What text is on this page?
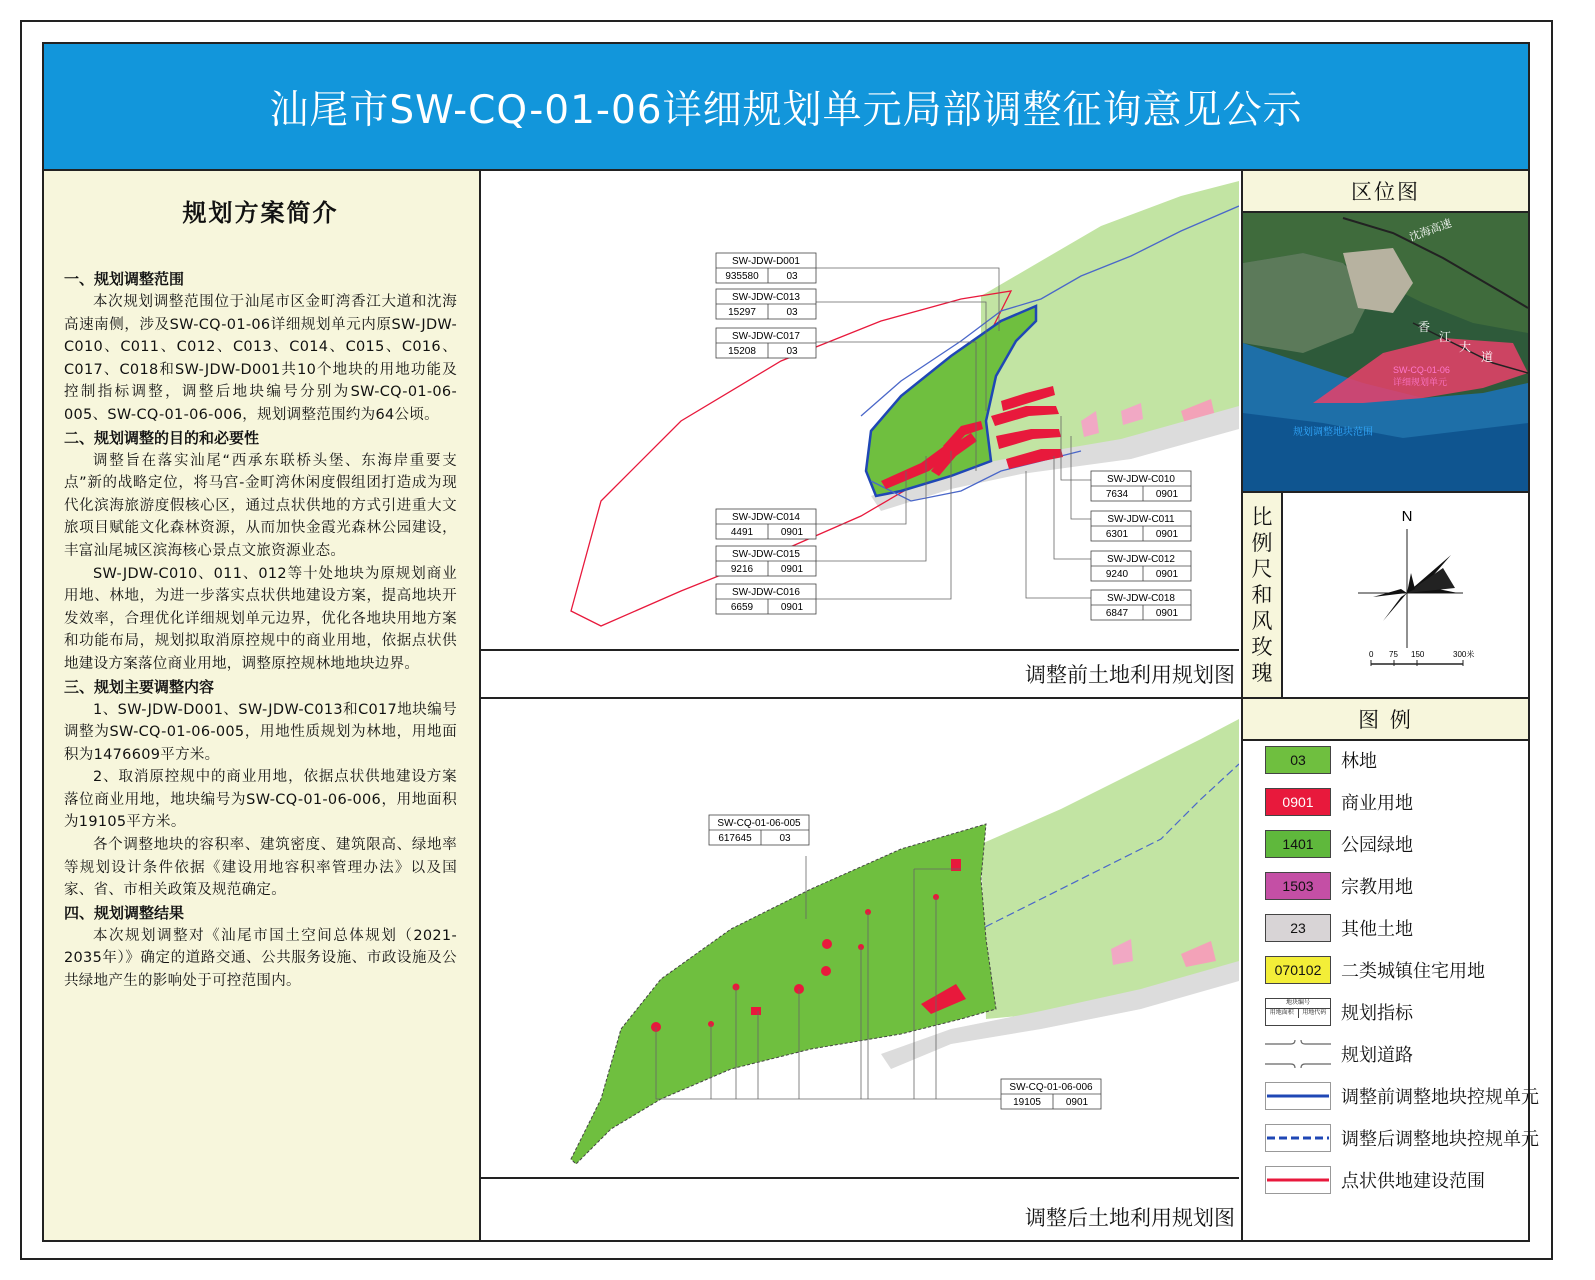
汕尾市SW-CQ-01-06详细规划单元局部调整征询意见公示
规划方案简介
一、规划调整范围

本次规划调整范围位于汕尾市区金町湾香江大道和沈海高速南侧，涉及SW-CQ-01-06详细规划单元内原SW-JDW-C010、C011、C012、C013、C014、C015、C016、C017、C018和SW-JDW-D001共10个地块的用地功能及控制指标调整，调整后地块编号分别为SW-CQ-01-06-005、SW-CQ-01-06-006，规划调整范围约为64公顷。

二、规划调整的目的和必要性

调整旨在落实汕尾“西承东联桥头堡、东海岸重要支点”新的战略定位，将马宫-金町湾休闲度假组团打造成为现代化滨海旅游度假核心区，通过点状供地的方式引进重大文旅项目赋能文化森林资源，从而加快金霞光森林公园建设，丰富汕尾城区滨海核心景点文旅资源业态。

SW-JDW-C010、011、012等十处地块为原规划商业用地、林地，为进一步落实点状供地建设方案，提高地块开发效率，合理优化详细规划单元边界，优化各地块用地方案和功能布局，规划拟取消原控规中的商业用地，依据点状供地建设方案落位商业用地，调整原控规林地地块边界。

三、规划主要调整内容

1、SW-JDW-D001、SW-JDW-C013和C017地块编号调整为SW-CQ-01-06-005，用地性质规划为林地，用地面积为1476609平方米。

2、取消原控规中的商业用地，依据点状供地建设方案落位商业用地，地块编号为SW-CQ-01-06-006，用地面积为19105平方米。

各个调整地块的容积率、建筑密度、建筑限高、绿地率等规划设计条件依据《建设用地容积率管理办法》以及国家、省、市相关政策及规范确定。

四、规划调整结果

本次规划调整对《汕尾市国土空间总体规划（2021-2035年）》确定的道路交通、公共服务设施、市政设施及公共绿地产生的影响处于可控范围内。

SW-JDW-D001
935580	03
SW-JDW-C013
15297	03
SW-JDW-C017
15208	03
SW-JDW-C014
4491	0901
SW-JDW-C015
9216	0901
SW-JDW-C016
6659	0901
SW-JDW-C010
7634	0901
SW-JDW-C011
6301	0901
SW-JDW-C012
9240	0901
SW-JDW-C018
6847	0901
调整前土地利用规划图
SW-CQ-01-06-005
617645	03
SW-CQ-01-06-006
19105 0901
调整后土地利用规划图
区位图
沈海高速
香
江
大
道
SW-CQ-01-06
详细规划单元
规划调整地块范围
比
例
尺
和
风
玫
瑰
N
0 75 150	300米
图 例
03	林地
0901	商业用地
1401	公园绿地
1503	宗教用地
23	其他土地
070102	二类城镇住宅用地
地块编号
用地面积	用地代码 规划指标
规划道路
调整前调整地块控规单元
调整后调整地块控规单元
点状供地建设范围
